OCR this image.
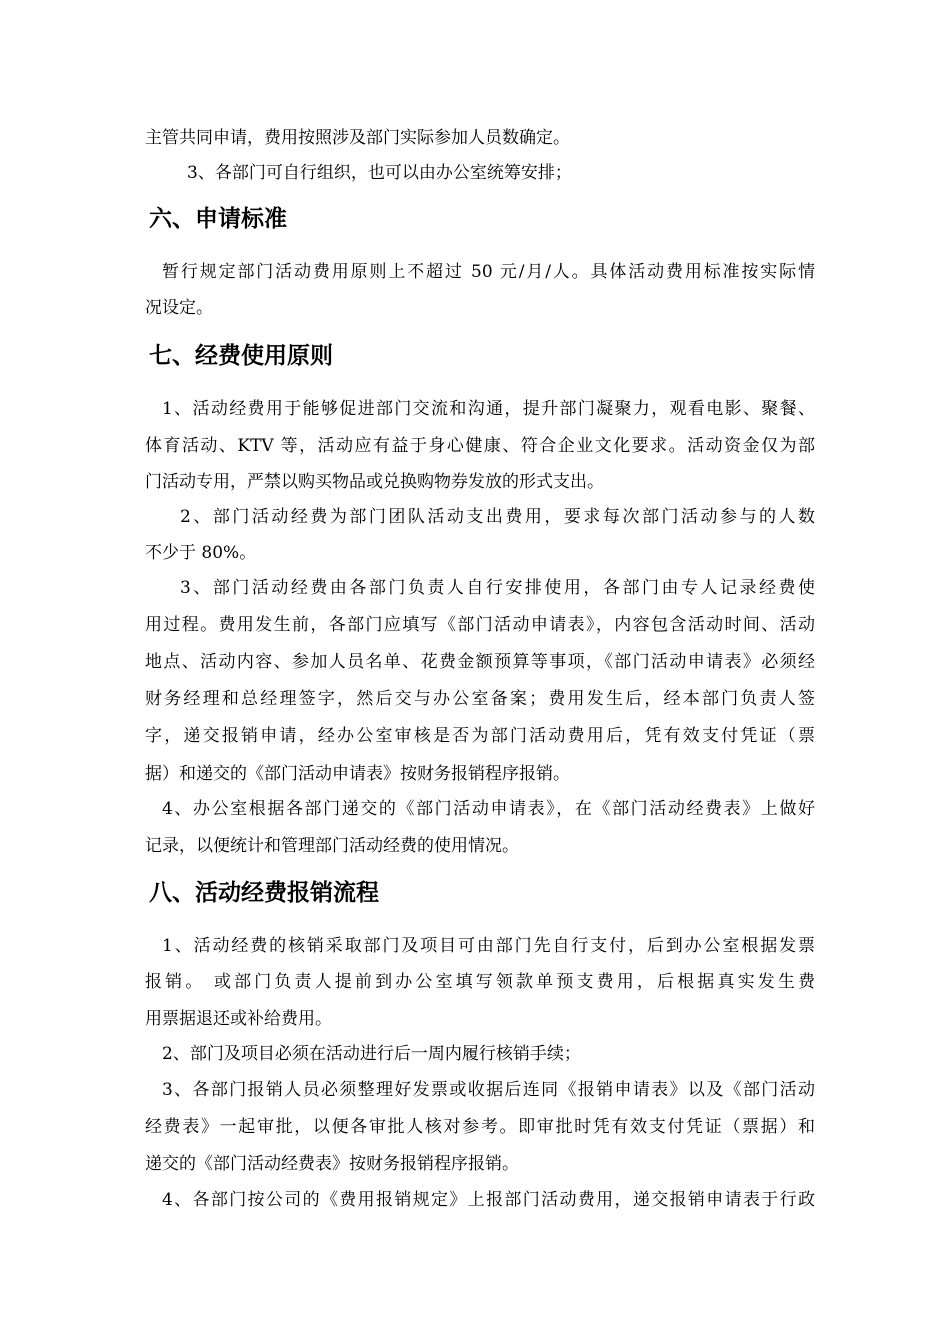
主管共同申请，费用按照涉及部门实际参加人员数确定。
3、各部门可自行组织，也可以由办公室统筹安排；
六、申请标准
暂行规定部门活动费用原则上不超过 50 元/月/人。具体活动费用标准按实际情
况设定。
七、经费使用原则
1、活动经费用于能够促进部门交流和沟通，提升部门凝聚力，观看电影、聚餐、
体育活动、KTV 等，活动应有益于身心健康、符合企业文化要求。活动资金仅为部
门活动专用，严禁以购买物品或兑换购物券发放的形式支出。
2、部门活动经费为部门团队活动支出费用，要求每次部门活动参与的人数
不少于 80%。
3、部门活动经费由各部门负责人自行安排使用，各部门由专人记录经费使
用过程。费用发生前，各部门应填写《部门活动申请表》，内容包含活动时间、活动
地点、活动内容、参加人员名单、花费金额预算等事项，《部门活动申请表》必须经
财务经理和总经理签字，然后交与办公室备案；费用发生后，经本部门负责人签
字，递交报销申请，经办公室审核是否为部门活动费用后，凭有效支付凭证（票
据）和递交的《部门活动申请表》按财务报销程序报销。
4、办公室根据各部门递交的《部门活动申请表》，在《部门活动经费表》上做好
记录，以便统计和管理部门活动经费的使用情况。
八、活动经费报销流程
1、活动经费的核销采取部门及项目可由部门先自行支付，后到办公室根据发票
报销。 或部门负责人提前到办公室填写领款单预支费用，后根据真实发生费
用票据退还或补给费用。
2、部门及项目必须在活动进行后一周内履行核销手续；
3、各部门报销人员必须整理好发票或收据后连同《报销申请表》以及《部门活动
经费表》一起审批，以便各审批人核对参考。即审批时凭有效支付凭证（票据）和
递交的《部门活动经费表》按财务报销程序报销。
4、各部门按公司的《费用报销规定》上报部门活动费用，递交报销申请表于行政
